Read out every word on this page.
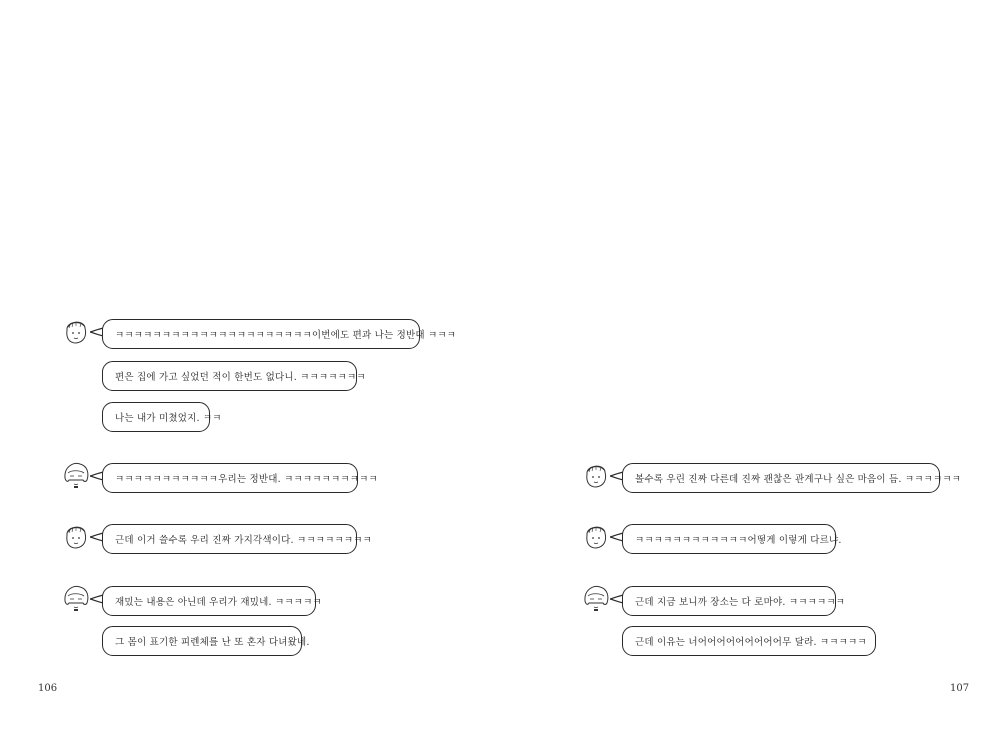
ㅋㅋㅋㅋㅋㅋㅋㅋㅋㅋㅋㅋㅋㅋㅋㅋㅋㅋㅋㅋㅋ이번에도 편과 나는 정반대 ㅋㅋㅋ
편은 집에 가고 싶었던 적이 한번도 없다니. ㅋㅋㅋㅋㅋㅋㅋ
나는 내가 미쳤었지. ㅋㅋ
ㅋㅋㅋㅋㅋㅋㅋㅋㅋㅋㅋ우리는 정반대. ㅋㅋㅋㅋㅋㅋㅋㅋㅋㅋ
근데 이거 쓸수록 우리 진짜 가지각색이다. ㅋㅋㅋㅋㅋㅋㅋㅋ
재밌는 내용은 아닌데 우리가 재밌네. ㅋㅋㅋㅋㅋ
그 몸이 표기한 피렌체를 난 또 혼자 다녀왔네.
106
볼수록 우린 진짜 다른데 진짜 괜찮은 관계구나 싶은 마음이 듬. ㅋㅋㅋㅋㅋㅋ
ㅋㅋㅋㅋㅋㅋㅋㅋㅋㅋㅋㅋ어떻게 이렇게 다르냐.
근데 지금 보니까 장소는 다 로마야. ㅋㅋㅋㅋㅋㅋ
근데 이유는 너어어어어어어어어어무 달라. ㅋㅋㅋㅋㅋ
107
